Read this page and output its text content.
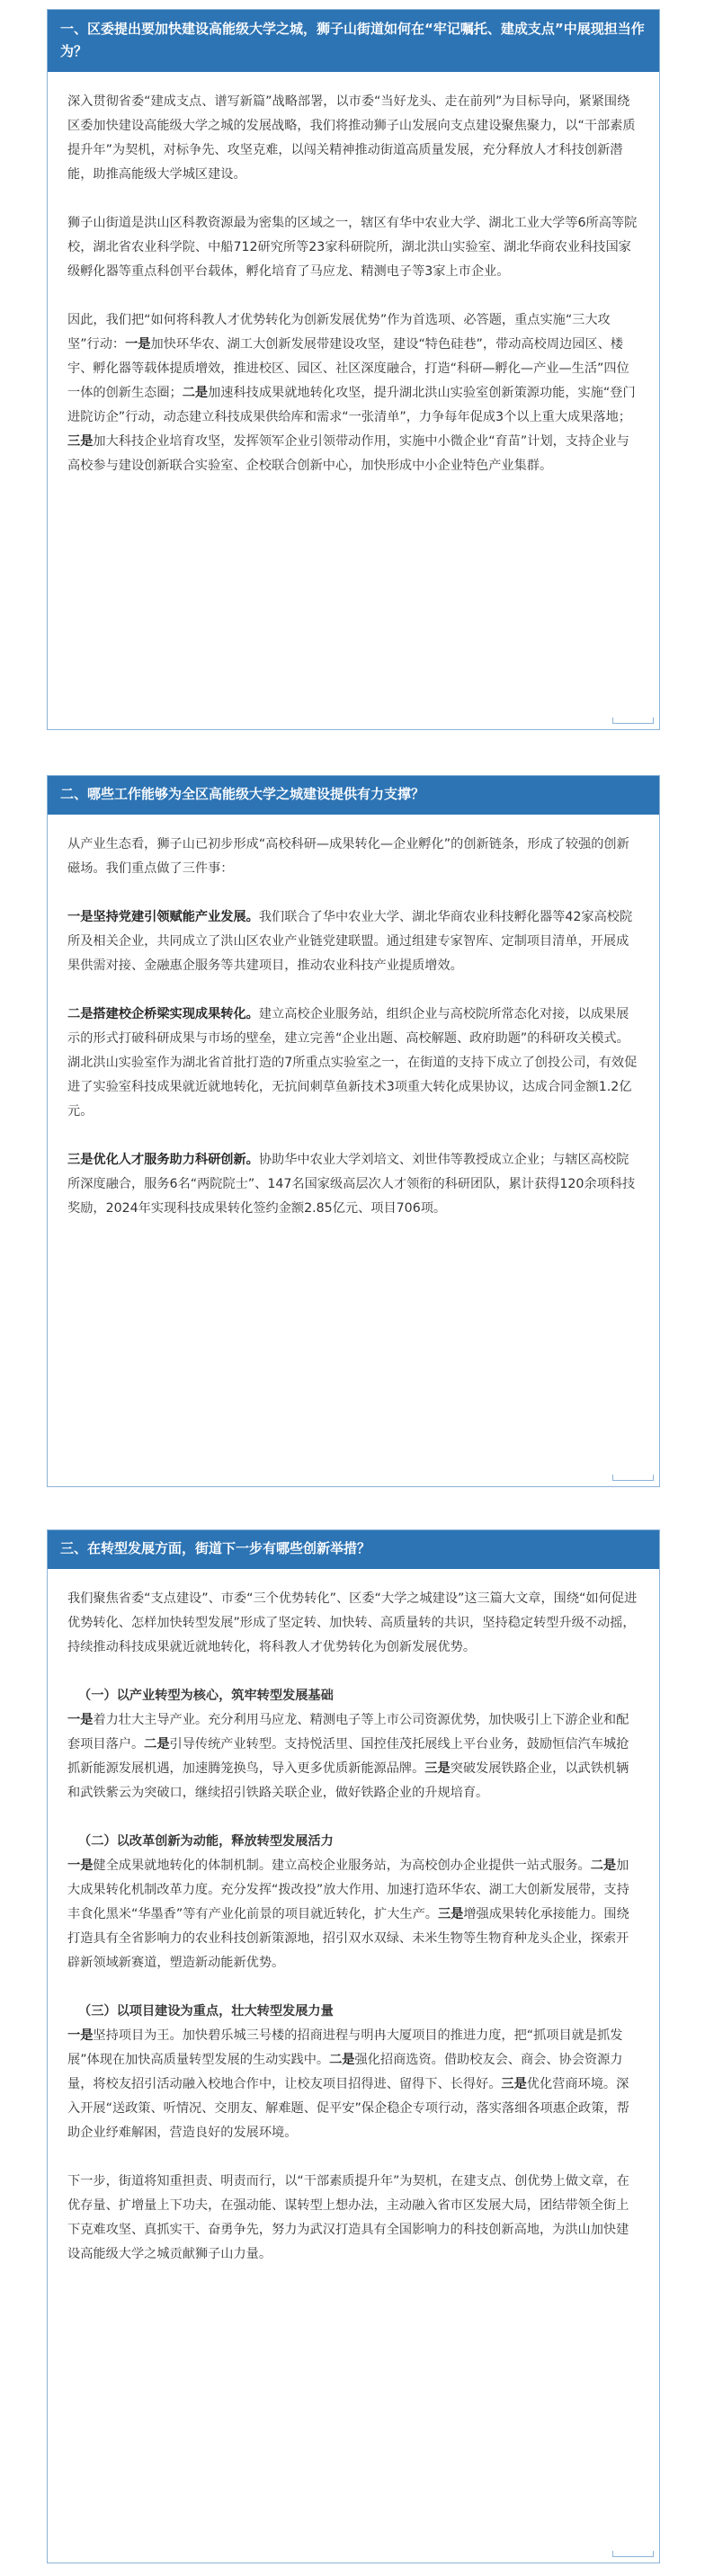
一、区委提出要加快建设高能级大学之城，狮子山街道如何在“牢记嘱托、建成支点”中展现担当作为？

深入贯彻省委“建成支点、谱写新篇”战略部署，以市委“当好龙头、走在前列”为目标导向，紧紧围绕区委加快建设高能级大学之城的发展战略，我们将推动狮子山发展向支点建设聚焦聚力，以“干部素质提升年”为契机，对标争先、攻坚克难，以闯关精神推动街道高质量发展，充分释放人才科技创新潜能，助推高能级大学城区建设。

狮子山街道是洪山区科教资源最为密集的区域之一，辖区有华中农业大学、湖北工业大学等6所高等院校，湖北省农业科学院、中船712研究所等23家科研院所，湖北洪山实验室、湖北华商农业科技国家级孵化器等重点科创平台载体，孵化培育了马应龙、精测电子等3家上市企业。

因此，我们把“如何将科教人才优势转化为创新发展优势”作为首选项、必答题，重点实施“三大攻坚”行动：一是加快环华农、湖工大创新发展带建设攻坚，建设“特色硅巷”，带动高校周边园区、楼宇、孵化器等载体提质增效，推进校区、园区、社区深度融合，打造“科研—孵化—产业—生活”四位一体的创新生态圈；二是加速科技成果就地转化攻坚，提升湖北洪山实验室创新策源功能，实施“登门进院访企”行动，动态建立科技成果供给库和需求“一张清单”，力争每年促成3个以上重大成果落地；三是加大科技企业培育攻坚，发挥领军企业引领带动作用，实施中小微企业“育苗”计划，支持企业与高校参与建设创新联合实验室、企校联合创新中心，加快形成中小企业特色产业集群。

二、哪些工作能够为全区高能级大学之城建设提供有力支撑？

从产业生态看，狮子山已初步形成“高校科研—成果转化—企业孵化”的创新链条，形成了较强的创新磁场。我们重点做了三件事：

一是坚持党建引领赋能产业发展。我们联合了华中农业大学、湖北华商农业科技孵化器等42家高校院所及相关企业，共同成立了洪山区农业产业链党建联盟。通过组建专家智库、定制项目清单，开展成果供需对接、金融惠企服务等共建项目，推动农业科技产业提质增效。

二是搭建校企桥梁实现成果转化。建立高校企业服务站，组织企业与高校院所常态化对接，以成果展示的形式打破科研成果与市场的壁垒，建立完善“企业出题、高校解题、政府助题”的科研攻关模式。湖北洪山实验室作为湖北省首批打造的7所重点实验室之一，在街道的支持下成立了创投公司，有效促进了实验室科技成果就近就地转化，无抗间刺草鱼新技术3项重大转化成果协议，达成合同金额1.2亿元。

三是优化人才服务助力科研创新。协助华中农业大学刘培文、刘世伟等教授成立企业；与辖区高校院所深度融合，服务6名“两院院士”、147名国家级高层次人才领衔的科研团队，累计获得120余项科技奖励，2024年实现科技成果转化签约金额2.85亿元、项目706项。

三、在转型发展方面，街道下一步有哪些创新举措？

我们聚焦省委“支点建设”、市委“三个优势转化”、区委“大学之城建设”这三篇大文章，围绕“如何促进优势转化、怎样加快转型发展”形成了坚定转、加快转、高质量转的共识，坚持稳定转型升级不动摇，持续推动科技成果就近就地转化，将科教人才优势转化为创新发展优势。

（一）以产业转型为核心，筑牢转型发展基础

一是着力壮大主导产业。充分利用马应龙、精测电子等上市公司资源优势，加快吸引上下游企业和配套项目落户。二是引导传统产业转型。支持悦活里、国控佳茂托展线上平台业务，鼓励恒信汽车城抢抓新能源发展机遇，加速腾笼换鸟，导入更多优质新能源品牌。三是突破发展铁路企业，以武铁机辆和武铁紫云为突破口，继续招引铁路关联企业，做好铁路企业的升规培育。

（二）以改革创新为动能，释放转型发展活力

一是健全成果就地转化的体制机制。建立高校企业服务站，为高校创办企业提供一站式服务。二是加大成果转化机制改革力度。充分发挥“拨改投”放大作用、加速打造环华农、湖工大创新发展带，支持丰食化黑米“华墨香”等有产业化前景的项目就近转化，扩大生产。三是增强成果转化承接能力。围绕打造具有全省影响力的农业科技创新策源地，招引双水双绿、未米生物等生物育种龙头企业，探索开辟新领域新赛道，塑造新动能新优势。

（三）以项目建设为重点，壮大转型发展力量

一是坚持项目为王。加快碧乐城三号楼的招商进程与明冉大厦项目的推进力度，把“抓项目就是抓发展”体现在加快高质量转型发展的生动实践中。二是强化招商选资。借助校友会、商会、协会资源力量，将校友招引活动融入校地合作中，让校友项目招得进、留得下、长得好。三是优化营商环境。深入开展“送政策、听情况、交朋友、解难题、促平安”保企稳企专项行动，落实落细各项惠企政策，帮助企业纾难解困，营造良好的发展环境。

下一步，街道将知重担责、明责而行，以“干部素质提升年”为契机，在建支点、创优势上做文章，在优存量、扩增量上下功夫，在强动能、谋转型上想办法，主动融入省市区发展大局，团结带领全街上下克难攻坚、真抓实干、奋勇争先，努力为武汉打造具有全国影响力的科技创新高地，为洪山加快建设高能级大学之城贡献狮子山力量。
